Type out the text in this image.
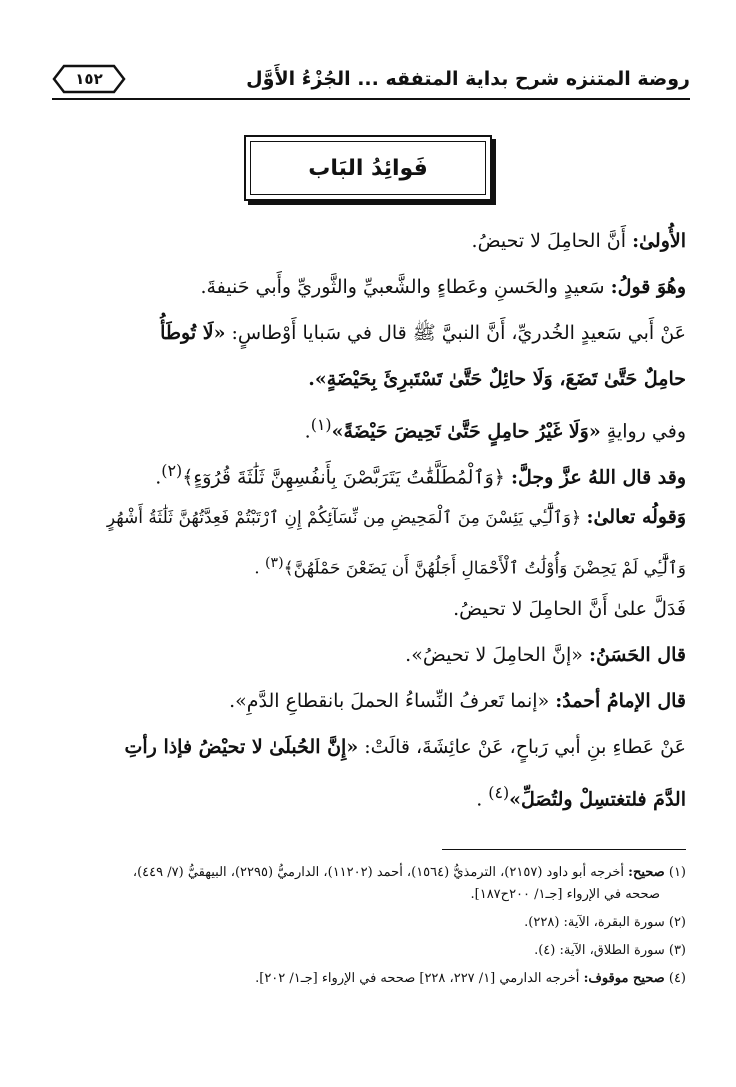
روضة المتنزه شرح بداية المتفقه ... الجُزْءُ الأَوَّل
١٥٢
فَوائِدُ البَاب

الأُولىٰ: أَنَّ الحامِلَ لا تحيضُ.

وهُوَ قولُ: سَعيدٍ والحَسنِ وعَطاءٍ والشَّعبيِّ والثَّوريِّ وأَبي حَنيفةَ.

عَنْ أَبي سَعيدٍ الخُدريِّ، أَنَّ النبيَّ ﷺ قال في سَبايا أَوْطاسٍ: «لَا تُوطَأُ

حامِلٌ حَتَّىٰ تَضَعَ، وَلَا حائِلٌ حَتَّىٰ تَسْتَبرِئَ بِحَيْضَةٍ».

وفي روايةٍ «وَلَا غَيْرُ حامِلٍ حَتَّىٰ تَحِيضَ حَيْضَةً»$^{(١)}$.

وقد قال اللهُ عزَّ وجلَّ: ﴿وَٱلْمُطَلَّقَٰتُ يَتَرَبَّصْنَ بِأَنفُسِهِنَّ ثَلَٰثَةَ قُرُوٓءٍ﴾$^{(٢)}$.

وَقولُه تعالىٰ: ﴿وَٱلَّٰٓـِٔي يَئِسْنَ مِنَ ٱلْمَحِيضِ مِن نِّسَآئِكُمْ إِنِ ٱرْتَبْتُمْ فَعِدَّتُهُنَّ ثَلَٰثَةُ أَشْهُرٍ

وَٱلَّٰٓـِٔي لَمْ يَحِضْنَ وَأُوْلَٰتُ ٱلْأَحْمَالِ أَجَلُهُنَّ أَن يَضَعْنَ حَمْلَهُنَّ﴾$^{(٣)}$ .

فَدَلَّ علىٰ أَنَّ الحامِلَ لا تحيضُ.

قال الحَسَنُ: «إنَّ الحامِلَ لا تحيضُ».

قال الإمامُ أحمدُ: «إنما تَعرفُ النِّساءُ الحملَ بانقطاعِ الدَّمِ».

عَنْ عَطاءِ بنِ أبي رَباحٍ، عَنْ عائِشَةَ، قالَتْ: «إِنَّ الحُبلَىٰ لا تحيْضُ فإذا رأتِ

الدَّمَ فلتغتسِلْ ولتُصَلِّ»$^{(٤)}$ .

(١) صحيح: أخرجه أبو داود (٢١٥٧)، الترمذيُّ (١٥٦٤)، أحمد (١١٢٠٢)، الدارميُّ (٢٢٩٥)، البيهقيُّ (٧/ ٤٤٩)،
صححه في الإرواء [جـ١/ ٢٠٠ح١٨٧].

(٢) سورة البقرة، الآية: (٢٢٨).

(٣) سورة الطلاق، الآية: (٤).

(٤) صحيح موقوف: أخرجه الدارمي [١/ ٢٢٧، ٢٢٨] صححه في الإرواء [جـ١/ ٢٠٢].
